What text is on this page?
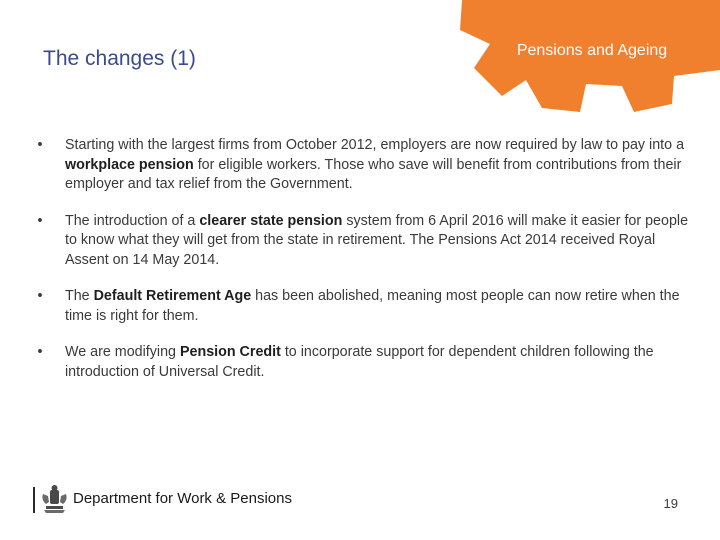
Pensions and Ageing
The changes (1)
•	Starting with the largest firms from October 2012, employers are now required by law to pay into a workplace pension for eligible workers. Those who save will benefit from contributions from their employer and tax relief from the Government.
•	The introduction of a clearer state pension system from 6 April 2016 will make it easier for people to know what they will get from the state in retirement. The Pensions Act 2014 received Royal Assent on 14 May 2014.
•	The Default Retirement Age has been abolished, meaning most people can now retire when the time is right for them.
•	We are modifying Pension Credit to incorporate support for dependent children following the introduction of Universal Credit.
Department for Work & Pensions	19
